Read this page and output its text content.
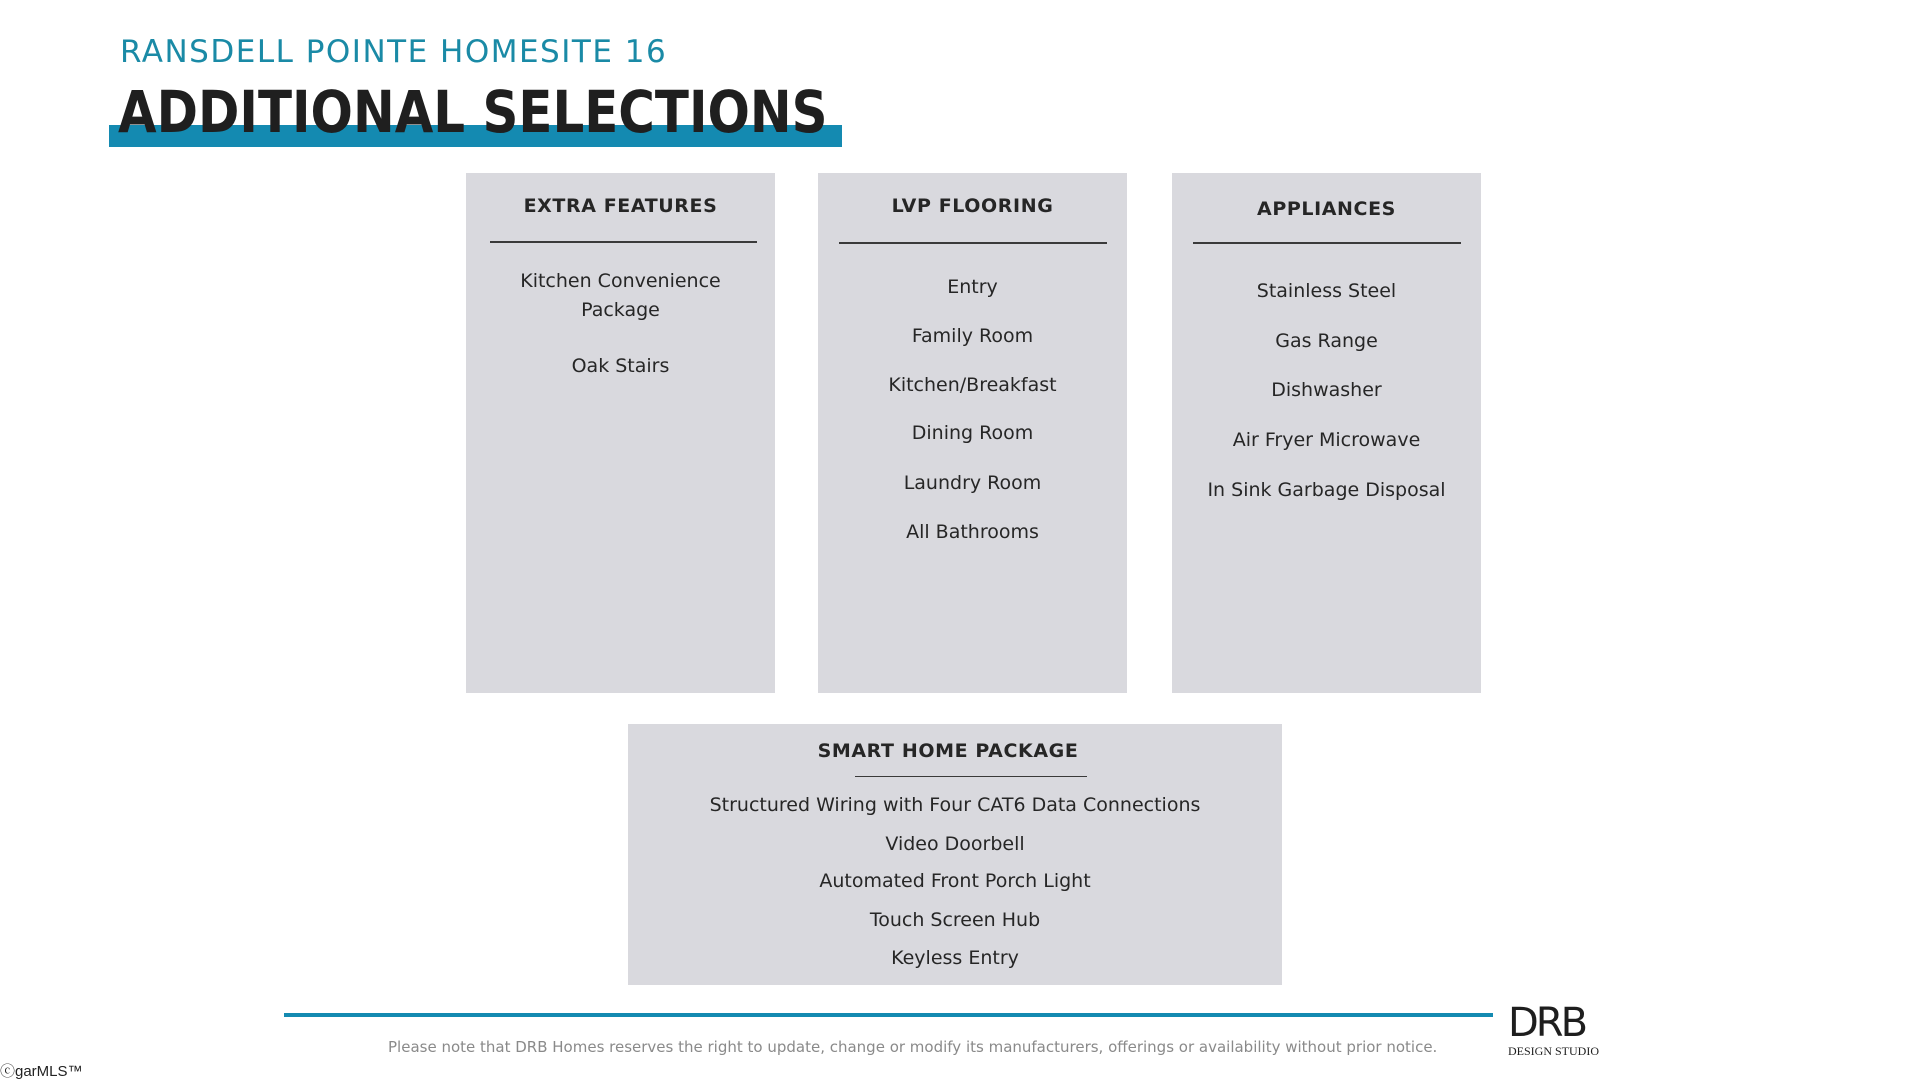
RANSDELL POINTE HOMESITE 16
ADDITIONAL SELECTIONS
EXTRA FEATURES
Kitchen Convenience
Package
Oak Stairs
LVP FLOORING
Entry
Family Room
Kitchen/Breakfast
Dining Room
Laundry Room
All Bathrooms
APPLIANCES
Stainless Steel
Gas Range
Dishwasher
Air Fryer Microwave
In Sink Garbage Disposal
SMART HOME PACKAGE
Structured Wiring with Four CAT6 Data Connections
Video Doorbell
Automated Front Porch Light
Touch Screen Hub
Keyless Entry
Please note that DRB Homes reserves the right to update, change or modify its manufacturers, offerings or availability without prior notice.
DRB
DESIGN STUDIO
ⓒgarMLS™
